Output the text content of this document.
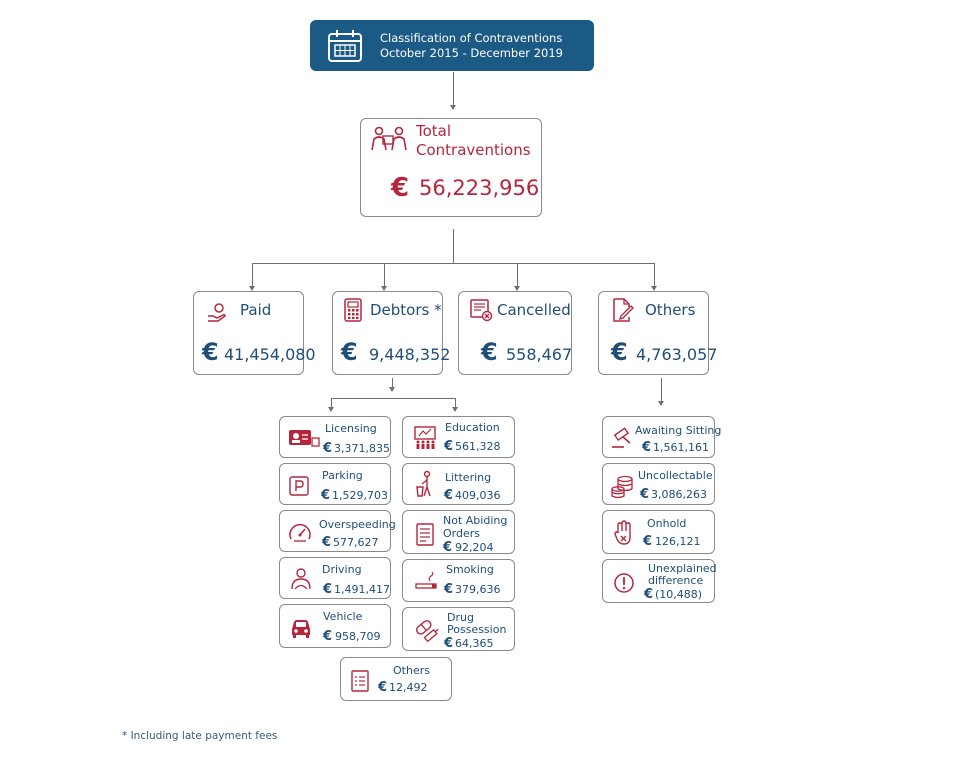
Classification of Contraventions
October 2015 - December 2019
Total
Contraventions
€ 56,223,956
Paid
€ 41,454,080
Debtors *
€ 9,448,352
Cancelled
€ 558,467
Others
€ 4,763,057
Licensing
€ 3,371,835
Parking
€ 1,529,703
Overspeeding
€ 577,627
Driving
€ 1,491,417
Vehicle
€ 958,709
Education
€ 561,328
Littering
€ 409,036
Not Abiding
Orders
€ 92,204
Smoking
€ 379,636
Drug
Possession
€ 64,365
Others
€ 12,492
Awaiting Sitting
€ 1,561,161
Uncollectable
€ 3,086,263
Onhold
€ 126,121
Unexplained
difference
€ (10,488)
* Including late payment fees
